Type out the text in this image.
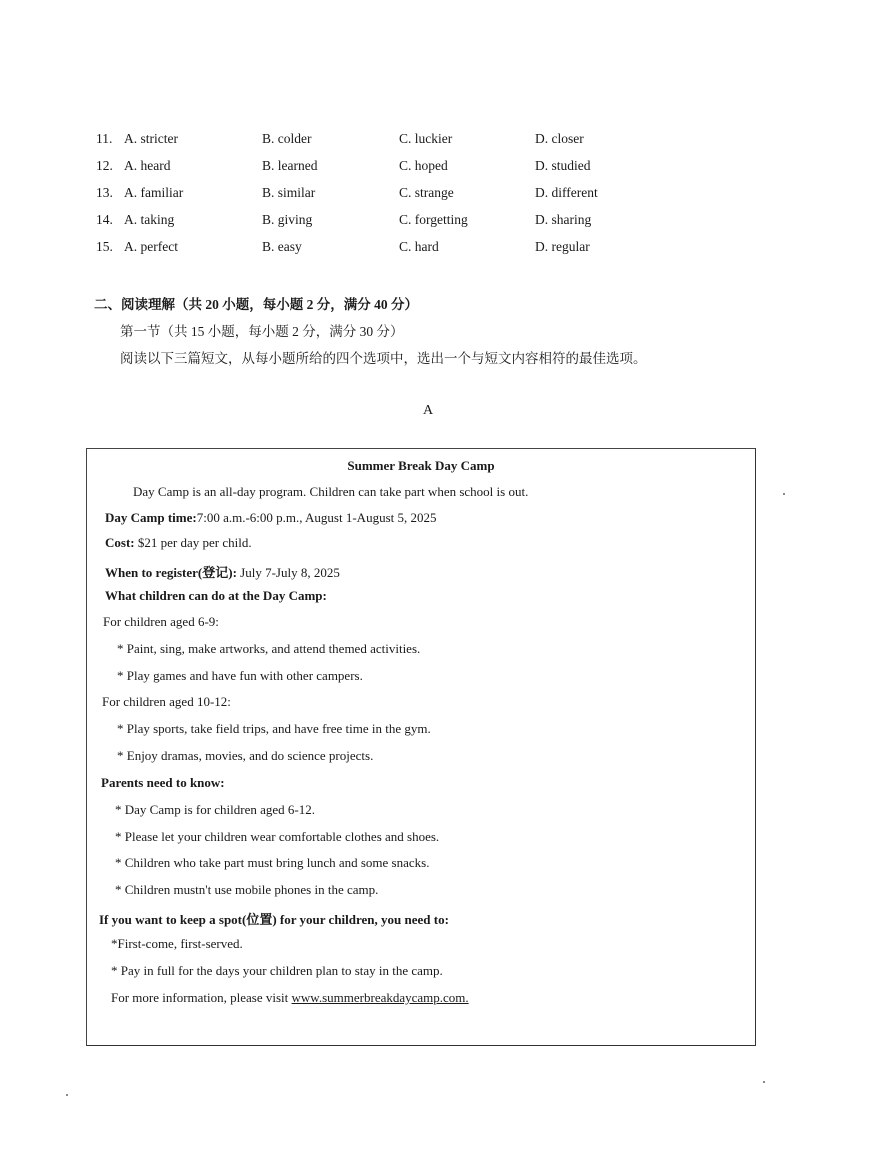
11. A. stricter	B. colder	C. luckier	D. closer
12. A. heard	B. learned	C. hoped	D. studied
13. A. familiar	B. similar	C. strange	D. different
14. A. taking	B. giving	C. forgetting	D. sharing
15. A. perfect	B. easy	C. hard	D. regular
二、阅读理解（共 20 小题，每小题 2 分，满分 40 分）
第一节（共 15 小题，每小题 2 分，满分 30 分）
阅读以下三篇短文，从每小题所给的四个选项中，选出一个与短文内容相符的最佳选项。
A
Summer Break Day Camp
Day Camp is an all-day program. Children can take part when school is out.
Day Camp time:7:00 a.m.-6:00 p.m., August 1-August 5, 2025
Cost: $21 per day per child.
When to register(登记): July 7-July 8, 2025
What children can do at the Day Camp:
For children aged 6-9:
* Paint, sing, make artworks, and attend themed activities.
* Play games and have fun with other campers.
For children aged 10-12:
* Play sports, take field trips, and have free time in the gym.
* Enjoy dramas, movies, and do science projects.
Parents need to know:
* Day Camp is for children aged 6-12.
* Please let your children wear comfortable clothes and shoes.
* Children who take part must bring lunch and some snacks.
* Children mustn't use mobile phones in the camp.
If you want to keep a spot(位置) for your children, you need to:
*First-come, first-served.
* Pay in full for the days your children plan to stay in the camp.
For more information, please visit www.summerbreakdaycamp.com.
